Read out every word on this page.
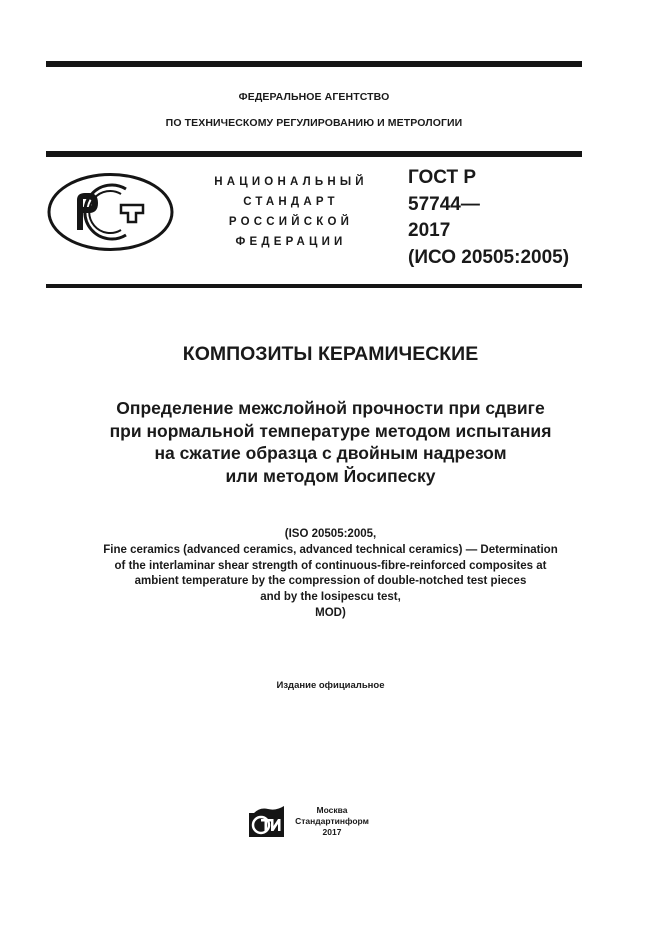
ФЕДЕРАЛЬНОЕ АГЕНТСТВО
ПО ТЕХНИЧЕСКОМУ РЕГУЛИРОВАНИЮ И МЕТРОЛОГИИ
НАЦИОНАЛЬНЫЙ
СТАНДАРТ
РОССИЙСКОЙ
ФЕДЕРАЦИИ
ГОСТ Р
57744—
2017
(ИСО 20505:2005)
КОМПОЗИТЫ КЕРАМИЧЕСКИЕ
Определение межслойной прочности при сдвиге
при нормальной температуре методом испытания
на сжатие образца с двойным надрезом
или методом Йосипеску
(ISO 20505:2005,
Fine ceramics (advanced ceramics, advanced technical ceramics) — Determination
of the interlaminar shear strength of continuous-fibre-reinforced composites at
ambient temperature by the compression of double-notched test pieces
and by the Iosipescu test,
MOD)
Издание официальное
Москва
Стандартинформ
2017
